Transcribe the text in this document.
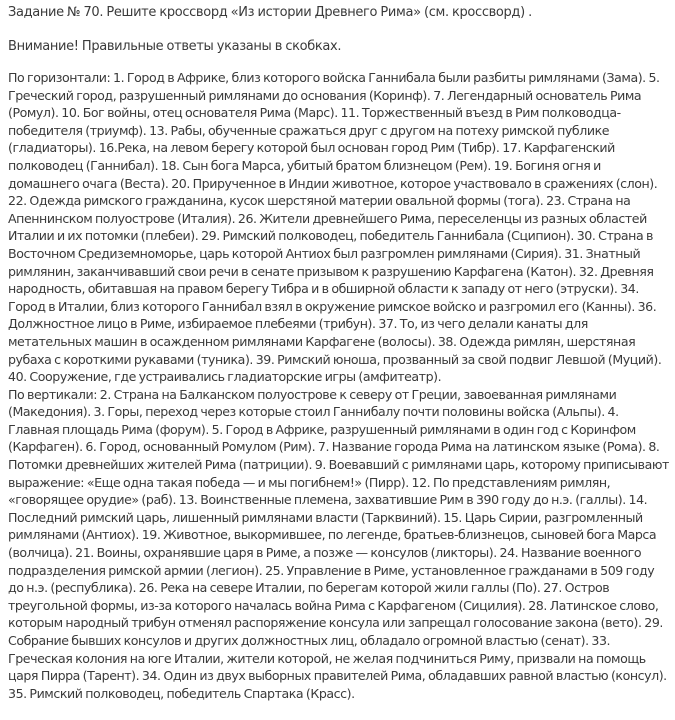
Задание № 70. Решите кроссворд «Из истории Древнего Рима» (см. кроссворд) .

Внимание! Правильные ответы указаны в скобках.

По горизонтали: 1. Город в Африке, близ которого войска Ганнибала были разбиты римлянами (Зама). 5. Греческий город, разрушенный римлянами до основания (Коринф). 7. Легендарный основатель Рима (Ромул). 10. Бог войны, отец основателя Рима (Марс). 11. Торжественный въезд в Рим полководца-победителя (триумф). 13. Рабы, обученные сражаться друг с другом на потеху римской публике (гладиаторы). 16.Река, на левом берегу которой был основан город Рим (Тибр). 17. Карфагенский полководец (Ганнибал). 18. Сын бога Марса, убитый братом близнецом (Рем). 19. Богиня огня и домашнего очага (Веста). 20. Прирученное в Индии животное, которое участвовало в сражениях (слон). 22. Одежда римского гражданина, кусок шерстяной материи овальной формы (тога). 23. Страна на Апеннинском полуострове (Италия). 26. Жители древнейшего Рима, переселенцы из разных областей Италии и их потомки (плебеи). 29. Римский полководец, победитель Ганнибала (Сципион). 30. Страна в Восточном Средиземноморье, царь которой Антиох был разгромлен римлянами (Сирия). 31. Знатный римлянин, заканчивавший свои речи в сенате призывом к разрушению Карфагена (Катон). 32. Древняя народность, обитавшая на правом берегу Тибра и в обширной области к западу от него (этруски). 34. Город в Италии, близ которого Ганнибал взял в окружение римское войско и разгромил его (Канны). 36. Должностное лицо в Риме, избираемое плебеями (трибун). 37. То, из чего делали канаты для метательных машин в осажденном римлянами Карфагене (волосы). 38. Одежда римлян, шерстяная рубаха с короткими рукавами (туника). 39. Римский юноша, прозванный за свой подвиг Левшой (Муций). 40. Сооружение, где устраивались гладиаторские игры (амфитеатр).

По вертикали: 2. Страна на Балканском полуострове к северу от Греции, завоеванная римлянами (Македония). 3. Горы, переход через которые стоил Ганнибалу почти половины войска (Альпы). 4. Главная площадь Рима (форум). 5. Город в Африке, разрушенный римлянами в один год с Коринфом (Карфаген). 6. Город, основанный Ромулом (Рим). 7. Название города Рима на латинском языке (Рома). 8. Потомки древнейших жителей Рима (патриции). 9. Воевавший с римлянами царь, которому приписывают выражение: «Еще одна такая победа — и мы погибнем!» (Пирр). 12. По представлениям римлян, «говорящее орудие» (раб). 13. Воинственные племена, захватившие Рим в 390 году до н.э. (галлы). 14. Последний римский царь, лишенный римлянами власти (Тарквиний). 15. Царь Сирии, разгромленный римлянами (Антиох). 19. Животное, выкормившее, по легенде, братьев-близнецов, сыновей бога Марса (волчица). 21. Воины, охранявшие царя в Риме, а позже — консулов (ликторы). 24. Название военного подразделения римской армии (легион). 25. Управление в Риме, установленное гражданами в 509 году до н.э. (республика). 26. Река на севере Италии, по берегам которой жили галлы (По). 27. Остров треугольной формы, из-за которого началась война Рима с Карфагеном (Сицилия). 28. Латинское слово, которым народный трибун отменял распоряжение консула или запрещал голосование закона (вето). 29. Собрание бывших консулов и других должностных лиц, обладало огромной властью (сенат). 33. Греческая колония на юге Италии, жители которой, не желая подчиниться Риму, призвали на помощь царя Пирра (Тарент). 34. Один из двух выборных правителей Рима, обладавших равной властью (консул). 35. Римский полководец, победитель Спартака (Красс).
